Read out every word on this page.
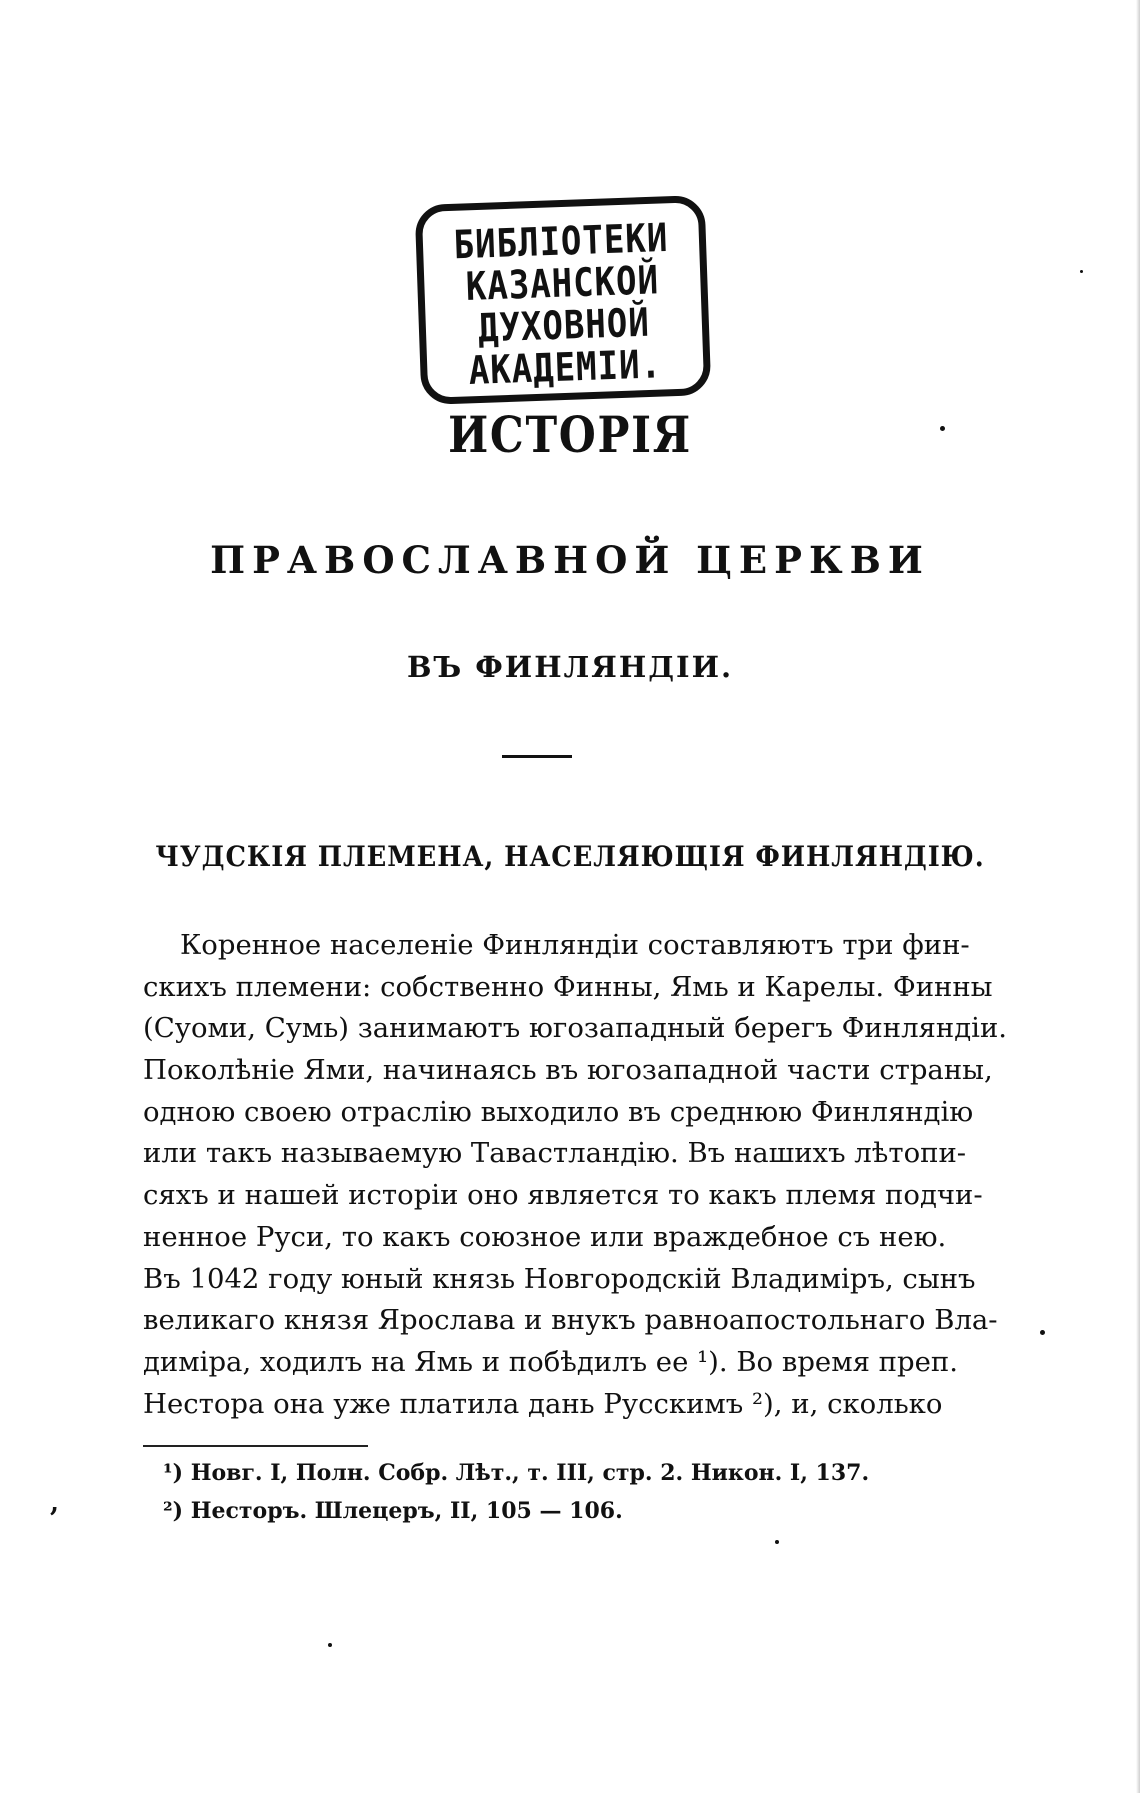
БИБЛІОТЕКИ
КАЗАНСКОЙ
ДУХОВНОЙ
АКАДЕМІИ.
ИСТОРІЯ
ПРАВОСЛАВНОЙ ЦЕРКВИ
ВЪ ФИНЛЯНДІИ.
ЧУДСКІЯ ПЛЕМЕНА, НАСЕЛЯЮЩІЯ ФИНЛЯНДІЮ.
Коренное населеніе Финляндіи составляютъ три фин-
скихъ племени: собственно Финны, Ямь и Карелы. Финны
(Суоми, Сумь) занимаютъ югозападный берегъ Финляндіи.
Поколѣніе Ями, начинаясь въ югозападной части страны,
одною своею отраслію выходило въ среднюю Финляндію
или такъ называемую Тавастландію. Въ нашихъ лѣтопи-
сяхъ и нашей исторіи оно является то какъ племя подчи-
ненное Руси, то какъ союзное или враждебное съ нею.
Въ 1042 году юный князь Новгородскій Владиміръ, сынъ
великаго князя Ярослава и внукъ равноапостольнаго Вла-
диміра, ходилъ на Ямь и побѣдилъ ее ¹). Во время преп.
Нестора она уже платила дань Русскимъ ²), и, сколько
¹) Новг. I, Полн. Собр. Лѣт., т. III, стр. 2. Никон. I, 137.
²) Несторъ. Шлецеръ, II, 105 — 106.
,
